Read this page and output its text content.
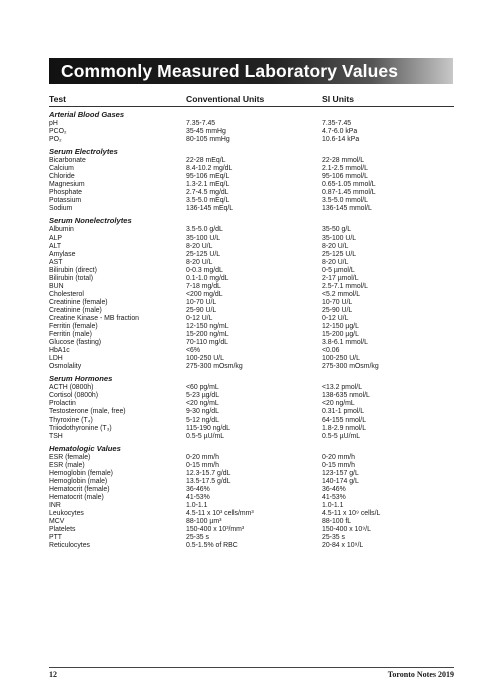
Commonly Measured Laboratory Values
Test	Conventional Units	SI Units
Arterial Blood Gases
pH	7.35-7.45	7.35-7.45
PCO₂	35-45 mmHg	4.7-6.0 kPa
PO₂	80-105 mmHg	10.6-14 kPa
Serum Electrolytes
Bicarbonate	22-28 mEq/L	22-28 mmol/L
Calcium	8.4-10.2 mg/dL	2.1-2.5 mmol/L
Chloride	95-106 mEq/L	95-106 mmol/L
Magnesium	1.3-2.1 mEq/L	0.65-1.05 mmol/L
Phosphate	2.7-4.5 mg/dL	0.87-1.45 mmol/L
Potassium	3.5-5.0 mEq/L	3.5-5.0 mmol/L
Sodium	136-145 mEq/L	136-145 mmol/L
Serum Nonelectrolytes
Albumin	3.5-5.0 g/dL	35-50 g/L
ALP	35-100 U/L	35-100 U/L
ALT	8-20 U/L	8-20 U/L
Amylase	25-125 U/L	25-125 U/L
AST	8-20 U/L	8-20 U/L
Bilirubin (direct)	0-0.3 mg/dL	0-5 µmol/L
Bilirubin (total)	0.1-1.0 mg/dL	2-17 µmol/L
BUN	7-18 mg/dL	2.5-7.1 mmol/L
Cholesterol	<200 mg/dL	<5.2 mmol/L
Creatinine (female)	10-70 U/L	10-70 U/L
Creatinine (male)	25-90 U/L	25-90 U/L
Creatine Kinase - MB fraction	0-12 U/L	0-12 U/L
Ferritin (female)	12-150 ng/mL	12-150 µg/L
Ferritin (male)	15-200 ng/mL	15-200 µg/L
Glucose (fasting)	70-110 mg/dL	3.8-6.1 mmol/L
HbA1c	<6%	<0.06
LDH	100-250 U/L	100-250 U/L
Osmolality	275-300 mOsm/kg	275-300 mOsm/kg
Serum Hormones
ACTH (0800h)	<60 pg/mL	<13.2 pmol/L
Cortisol (0800h)	5-23 µg/dL	138-635 nmol/L
Prolactin	<20 ng/mL	<20 ng/mL
Testosterone (male, free)	9-30 ng/dL	0.31-1 pmol/L
Thyroxine (T₄)	5-12 ng/dL	64-155 nmol/L
Triiodothyronine (T₃)	115-190 ng/dL	1.8-2.9 nmol/L
TSH	0.5-5 µU/mL	0.5-5 µU/mL
Hematologic Values
ESR (female)	0-20 mm/h	0-20 mm/h
ESR (male)	0-15 mm/h	0-15 mm/h
Hemoglobin (female)	12.3-15.7 g/dL	123-157 g/L
Hemoglobin (male)	13.5-17.5 g/dL	140-174 g/L
Hematocrit (female)	36-46%	36-46%
Hematocrit (male)	41-53%	41-53%
INR	1.0-1.1	1.0-1.1
Leukocytes	4.5-11 x 10³ cells/mm³	4.5-11 x 10⁹ cells/L
MCV	88-100 µm³	88-100 fL
Platelets	150-400 x 10³/mm³	150-400 x 10⁹/L
PTT	25-35 s	25-35 s
Reticulocytes	0.5-1.5% of RBC	20-84 x 10⁹/L
12	Toronto Notes 2019
